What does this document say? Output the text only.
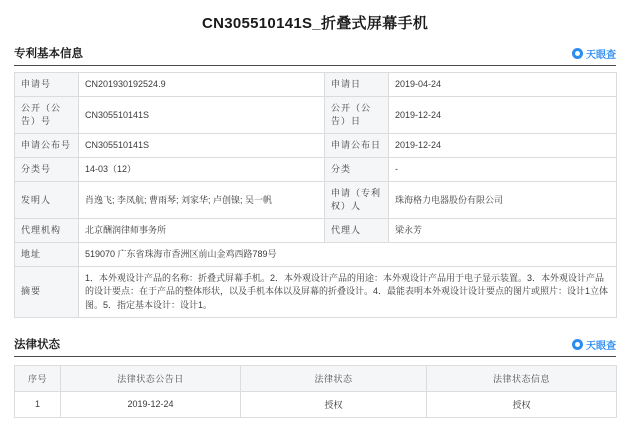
CN305510141S_折叠式屏幕手机
专利基本信息	天眼查
申请号	CN201930192524.9	申请日	2019-04-24
公开（公告）号	CN305510141S	公开（公告）日	2019-12-24
申请公布号	CN305510141S	申请公布日	2019-12-24
分类号	14-03（12）	分类	-
发明人	肖逸飞; 李凤航; 曹雨琴; 刘家华; 卢创镍; 吴一帆	申请（专利权）人	珠海格力电器股份有限公司
代理机构	北京酬润律师事务所	代理人	梁永芳
地址	519070 广东省珠海市香洲区前山金鸡西路789号		
摘要	1．本外观设计产品的名称：折叠式屏幕手机。2．本外观设计产品的用途：本外观设计产品用于电子显示装置。3．本外观设计产品的设计要点：在于产品的整体形状，以及手机本体以及屏幕的折叠设计。4．最能表明本外观设计设计要点的图片或照片：设计1立体图。5．指定基本设计：设计1。		
法律状态	天眼查
序号	法律状态公告日	法律状态	法律状态信息
1	2019-12-24	授权	授权
